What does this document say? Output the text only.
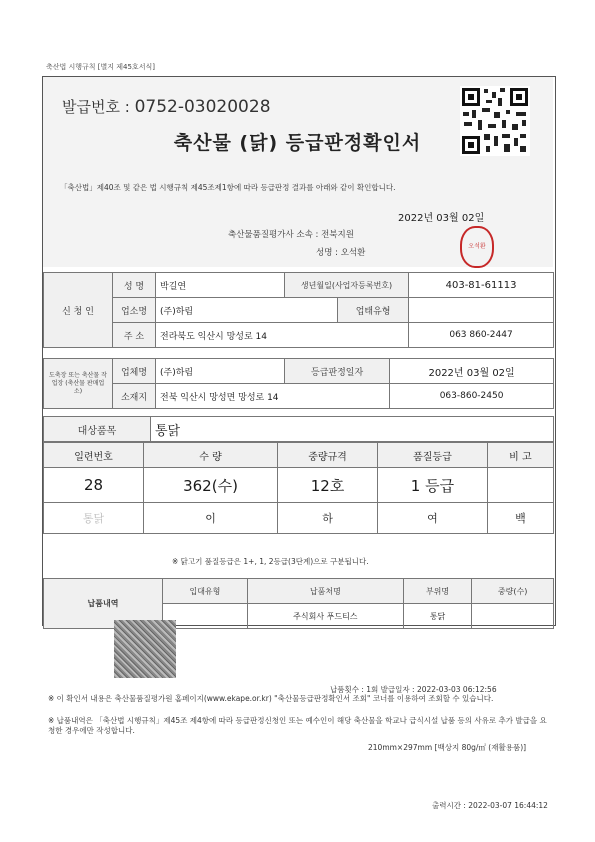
축산법 시행규칙 [별지 제45호서식]
발급번호 : 0752-03020028
축산물 (닭) 등급판정확인서
「축산법」제40조 및 같은 법 시행규칙 제45조제1항에 따라 등급판정 결과를 아래와 같이 확인합니다.
2022년 03월 02일
축산물품질평가사 소속 : 전북지원
성명 : 오석환
오석환
신 청 인	성 명	박길연	생년월일(사업자등록번호)		403-81-61113
	업소명	(주)하림		업태유형	
	주 소	전라북도 익산시 망성로 14			063 860-2447
도축장 또는 축산물 작업장 (축산물 판매업소)	업체명	(주)하림	등급판정일자	2022년 03월 02일
	소재지	전북 익산시 망성면 망성로 14		063-860-2450
대상품목	통닭
일련번호	수 량	중량규격	품질등급	비 고
28	362(수)	12호	1 등급	
통닭	이	하	여	백
※ 닭고기 품질등급은 1+, 1, 2등급(3단계)으로 구분됩니다.
납품내역	입대유형	납품처명	부위명	중량(수)
		주식회사 푸드티스	통닭	
납품횟수 : 1회 발급일자 : 2022-03-03 06:12:56
※ 이 확인서 내용은 축산물품질평가원 홈페이지(www.ekape.or.kr) "축산물등급판정확인서 조회" 코너를 이용하여 조회할 수 있습니다.
※ 납품내역은 「축산법 시행규칙」제45조 제4항에 따라 등급판정신청인 또는 예수인이 해당 축산물을 학교나 급식시설 납품 등의 사유로 추가 발급을 요청한 경우에만 작성합니다.
210mm×297mm [백상지 80g/㎡ (재활용품)]
출력시간 : 2022-03-07 16:44:12
